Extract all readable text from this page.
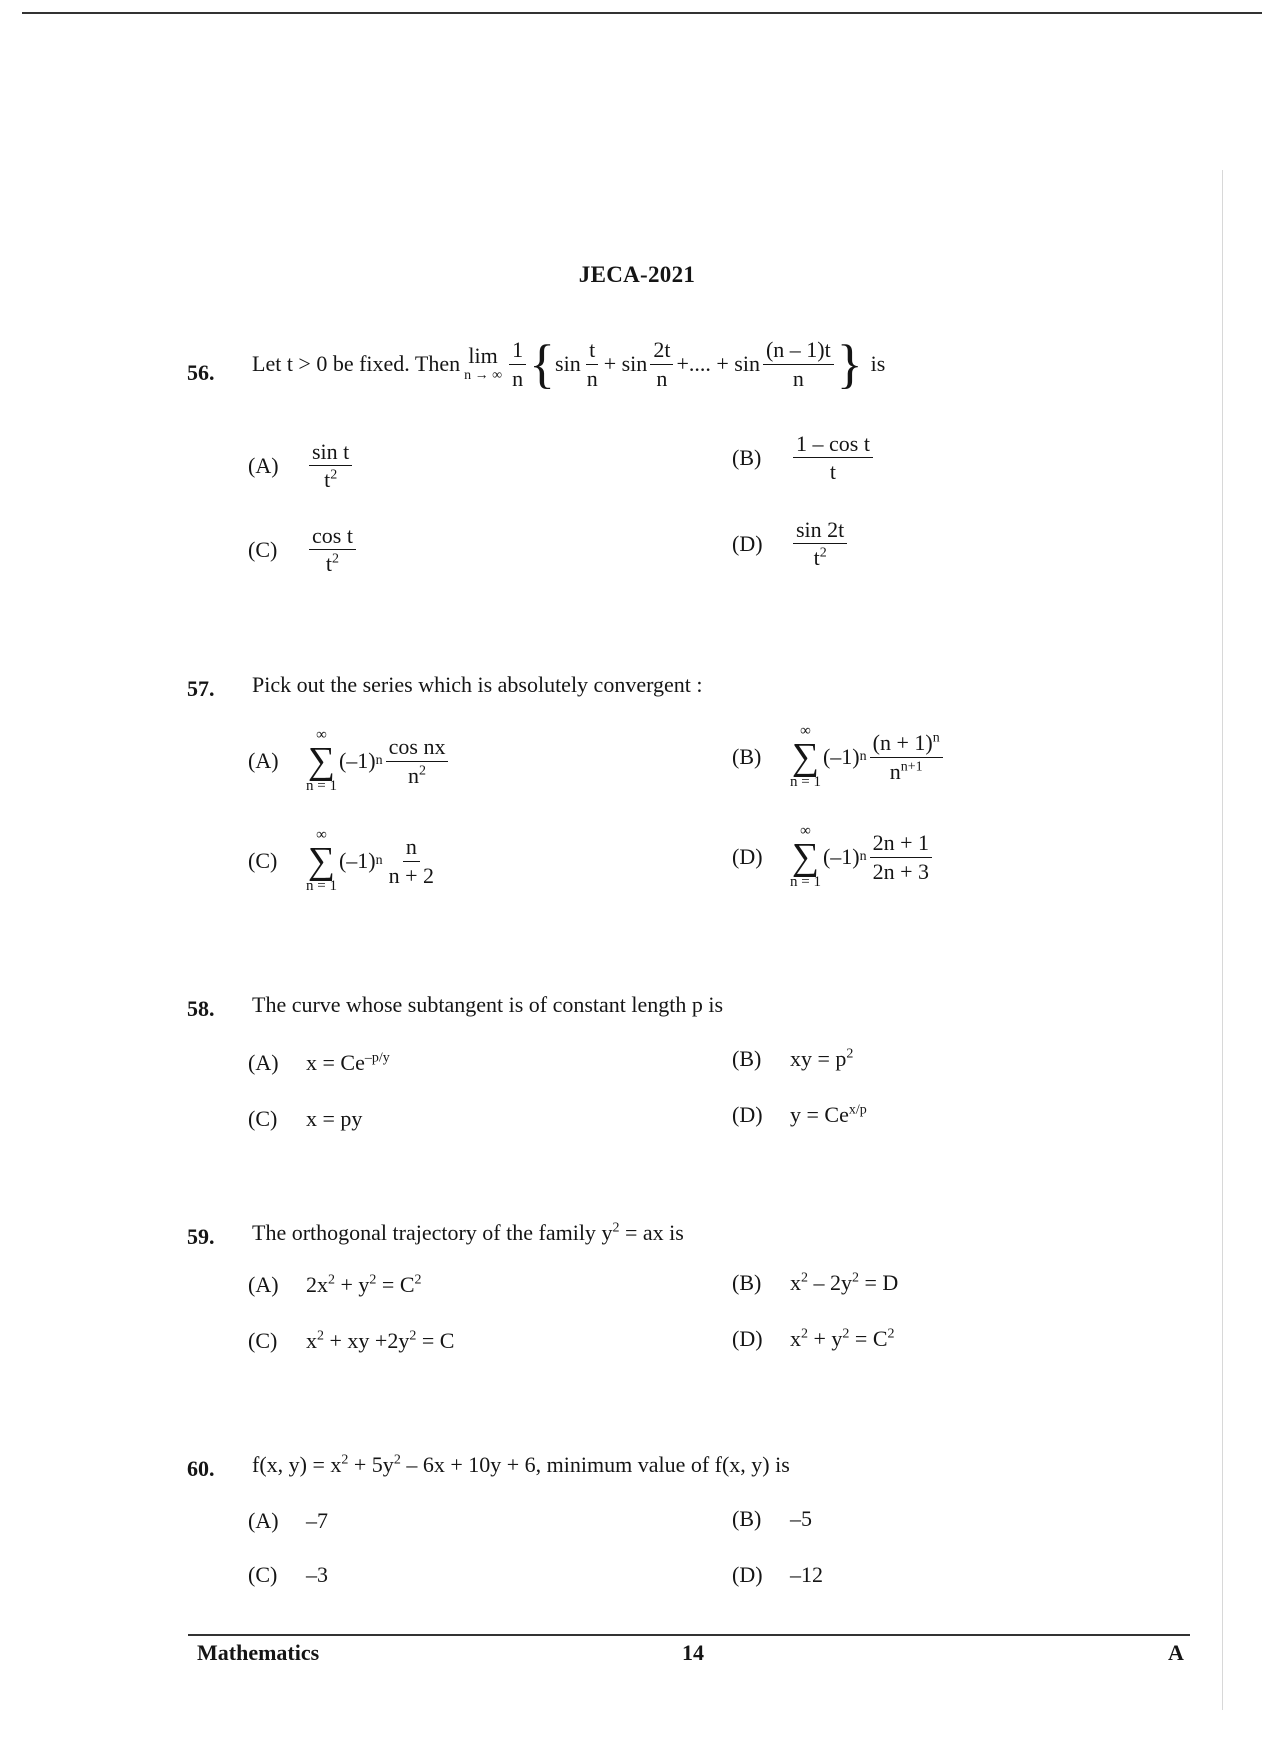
JECA-2021
56. Let t > 0 be fixed. Then lim
n → ∞ $\frac{1}{n}$ { $\sin \frac{t}{n}$ +
$\sin \frac{2t}{n}$ +.... +
$\sin \frac{(n - 1)t}{n}$ } is
(A)	$\frac{\text{sin t}}{t^2}$	(B)	$\frac{\text{1 – cos t}}{t}$
(C)	$\frac{\text{cos t}}{t^2}$	(D)	$\frac{\sin 2t}{t^2}$
57. Pick out the series which is absolutely convergent :
(A)
∞
∑
n = 1
(–1) n $\frac{\text{cos nx}}{n^2}$	(B)
∞
∑
n = 1
(–1) n $\frac{(n + 1)^n}{n^{n+1}}$
(C)
∞
∑
n = 1
(–1) n $\frac{n}{n + 2}$	(D)
∞
∑
n = 1
(–1) n $\frac{2n + 1}{2n + 3}$
58. The curve whose subtangent is of constant length p is
(A)	$x = Ce^{-p/y}$	(B)	xy = $p^2$
(C)	x = py	(D)	$y = Ce^{x/p}$
59. The orthogonal trajectory of the family $y^2$ = ax is
(A)	$2x^2 + y^2 = C^2$	(B)	$x^2 - 2y^2 = D$
(C)	$x^2$ + xy $+2y^2 = C$	(D)	$x^2 + y^2 = C^2$
60. f(x, $y) = x^2 + 5y^2 - 6x + 10y + 6$, minimum value of f(x, y) is
(A)	–7	(B)	–5
(C)	–3	(D)	–12
Mathematics	14	A
